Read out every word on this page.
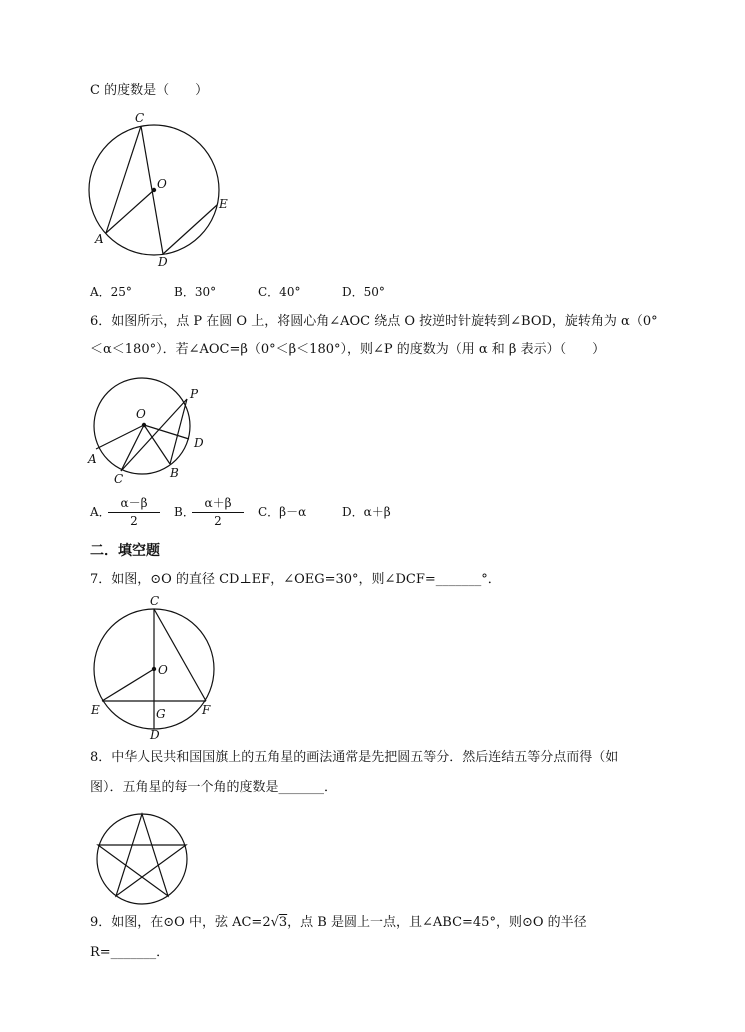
C 的度数是（　　）
C
O
A
D
E
A．25°	B．30°	C．40°	D．50°
6．如图所示，点 P 在圆 O 上，将圆心角∠AOC 绕点 O 按逆时针旋转到∠BOD，旋转角为 α（0°
＜α＜180°）．若∠AOC=β（0°＜β＜180°），则∠P 的度数为（用 α 和 β 表示）（　　）
O
P
D
A
C	B
A．
$\frac{\alpha-\beta}{2}$ B．
$\frac{\alpha+\beta}{2}$ C．β－α	D．α＋β
二．填空题
7．如图，⊙O 的直径 CD⊥EF，∠OEG=30°，则∠DCF=_______°．
C
O
E	G	F
D
8．中华人民共和国国旗上的五角星的画法通常是先把圆五等分．然后连结五等分点而得（如
图）．五角星的每一个角的度数是_______．
9．如图，在⊙O 中，弦 AC=2√3，点 B 是圆上一点，且∠ABC=45°，则⊙O 的半径
R=_______．
